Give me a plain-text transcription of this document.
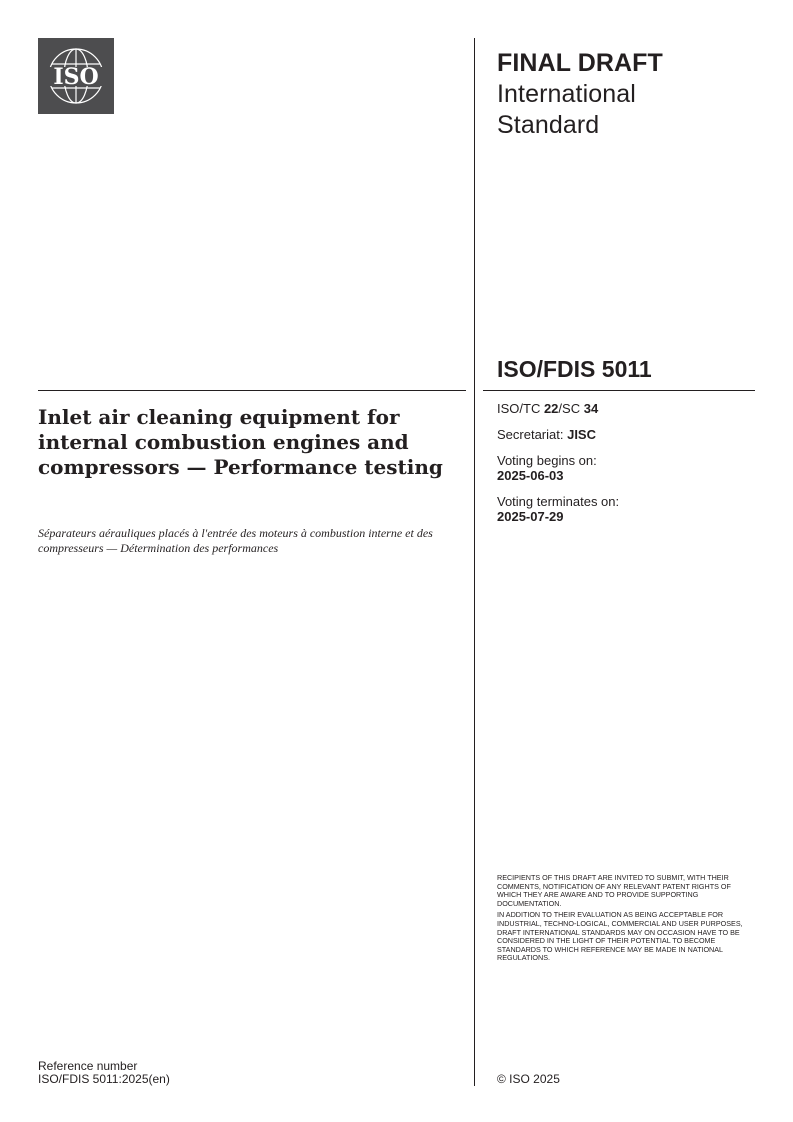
ISO	FINAL DRAFT
International
Standard
ISO/FDIS 5011
ISO/TC 22/SC 34
Secretariat: JISC
Voting begins on:
2025-06-03
Voting terminates on:
2025-07-29
Inlet air cleaning equipment for internal combustion engines and compressors — Performance testing

Séparateurs aérauliques placés à l'entrée des moteurs à combustion interne et des compresseurs — Détermination des performances

RECIPIENTS OF THIS DRAFT ARE INVITED TO SUBMIT, WITH THEIR COMMENTS, NOTIFICATION OF ANY RELEVANT PATENT RIGHTS OF WHICH THEY ARE AWARE AND TO PROVIDE SUPPORTING DOCUMENTATION.

IN ADDITION TO THEIR EVALUATION AS BEING ACCEPTABLE FOR INDUSTRIAL, TECHNO-LOGICAL, COMMERCIAL AND USER PURPOSES, DRAFT INTERNATIONAL STANDARDS MAY ON OCCASION HAVE TO BE CONSIDERED IN THE LIGHT OF THEIR POTENTIAL TO BECOME STANDARDS TO WHICH REFERENCE MAY BE MADE IN NATIONAL REGULATIONS.

Reference number
ISO/FDIS 5011:2025(en)	© ISO 2025
